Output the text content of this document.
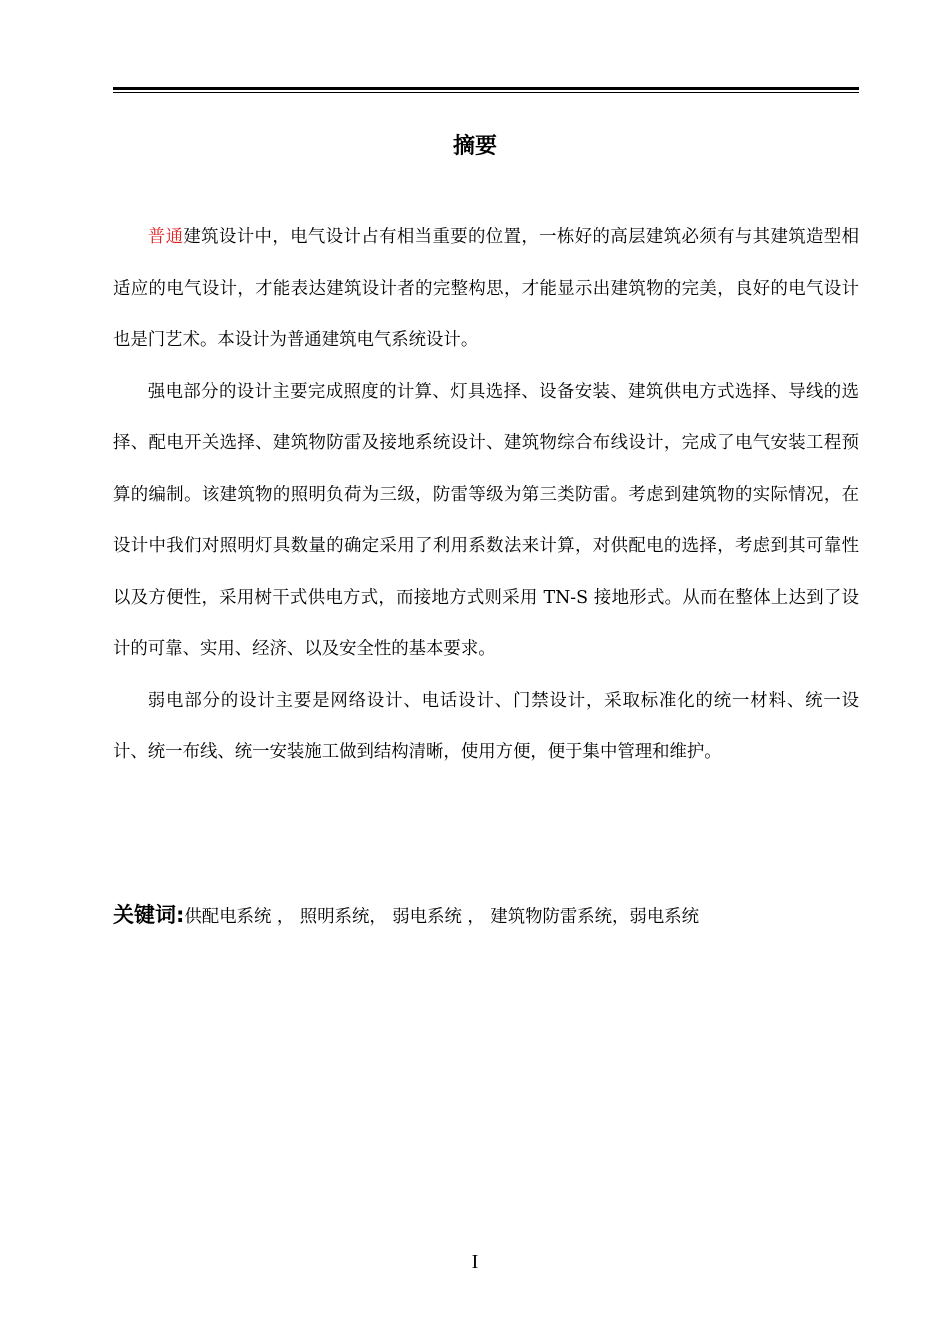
摘要

普通建筑设计中，电气设计占有相当重要的位置，一栋好的高层建筑必须有与其建筑造型相适应的电气设计，才能表达建筑设计者的完整构思，才能显示出建筑物的完美，良好的电气设计也是门艺术。本设计为普通建筑电气系统设计。

强电部分的设计主要完成照度的计算、灯具选择、设备安装、建筑供电方式选择、导线的选择、配电开关选择、建筑物防雷及接地系统设计、建筑物综合布线设计，完成了电气安装工程预算的编制。该建筑物的照明负荷为三级，防雷等级为第三类防雷。考虑到建筑物的实际情况，在设计中我们对照明灯具数量的确定采用了利用系数法来计算，对供配电的选择，考虑到其可靠性以及方便性，采用树干式供电方式，而接地方式则采用 TN-S 接地形式。从而在整体上达到了设计的可靠、实用、经济、以及安全性的基本要求。

弱电部分的设计主要是网络设计、电话设计、门禁设计，采取标准化的统一材料、统一设计、统一布线、统一安装施工做到结构清晰，使用方便，便于集中管理和维护。

关键词:供配电系统 ， 照明系统， 弱电系统 ， 建筑物防雷系统，弱电系统
I
